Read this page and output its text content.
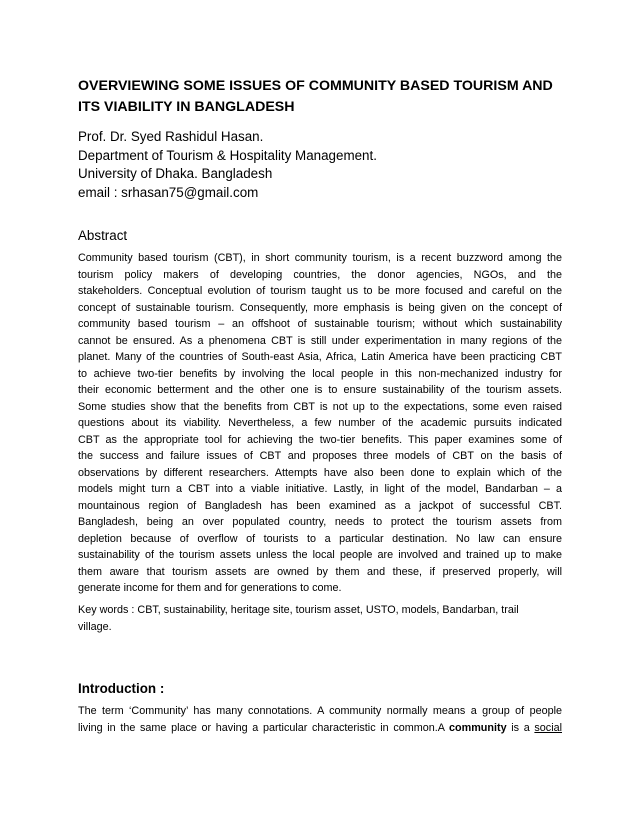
OVERVIEWING SOME ISSUES OF COMMUNITY BASED TOURISM AND
ITS VIABILITY IN BANGLADESH
Prof. Dr. Syed Rashidul Hasan.
Department of Tourism & Hospitality Management.
University of Dhaka. Bangladesh
email : srhasan75@gmail.com
Abstract
Community based tourism (CBT), in short community tourism, is a recent buzzword among the
tourism policy makers of developing countries, the donor agencies, NGOs, and the
stakeholders. Conceptual evolution of tourism taught us to be more focused and careful on the
concept of sustainable tourism. Consequently, more emphasis is being given on the concept of
community based tourism – an offshoot of sustainable tourism; without which sustainability
cannot be ensured. As a phenomena CBT is still under experimentation in many regions of the
planet. Many of the countries of South-east Asia, Africa, Latin America have been practicing CBT
to achieve two-tier benefits by involving the local people in this non-mechanized industry for
their economic betterment and the other one is to ensure sustainability of the tourism assets.
Some studies show that the benefits from CBT is not up to the expectations, some even raised
questions about its viability. Nevertheless, a few number of the academic pursuits indicated
CBT as the appropriate tool for achieving the two-tier benefits. This paper examines some of
the success and failure issues of CBT and proposes three models of CBT on the basis of
observations by different researchers. Attempts have also been done to explain which of the
models might turn a CBT into a viable initiative. Lastly, in light of the model, Bandarban – a
mountainous region of Bangladesh has been examined as a jackpot of successful CBT.
Bangladesh, being an over populated country, needs to protect the tourism assets from
depletion because of overflow of tourists to a particular destination. No law can ensure
sustainability of the tourism assets unless the local people are involved and trained up to make
them aware that tourism assets are owned by them and these, if preserved properly, will
generate income for them and for generations to come.
Key words : CBT, sustainability, heritage site, tourism asset, USTO, models, Bandarban, trail
village.
Introduction :
The term ‘Community’ has many connotations. A community normally means a group of people
living in the same place or having a particular characteristic in common.A community is a social
